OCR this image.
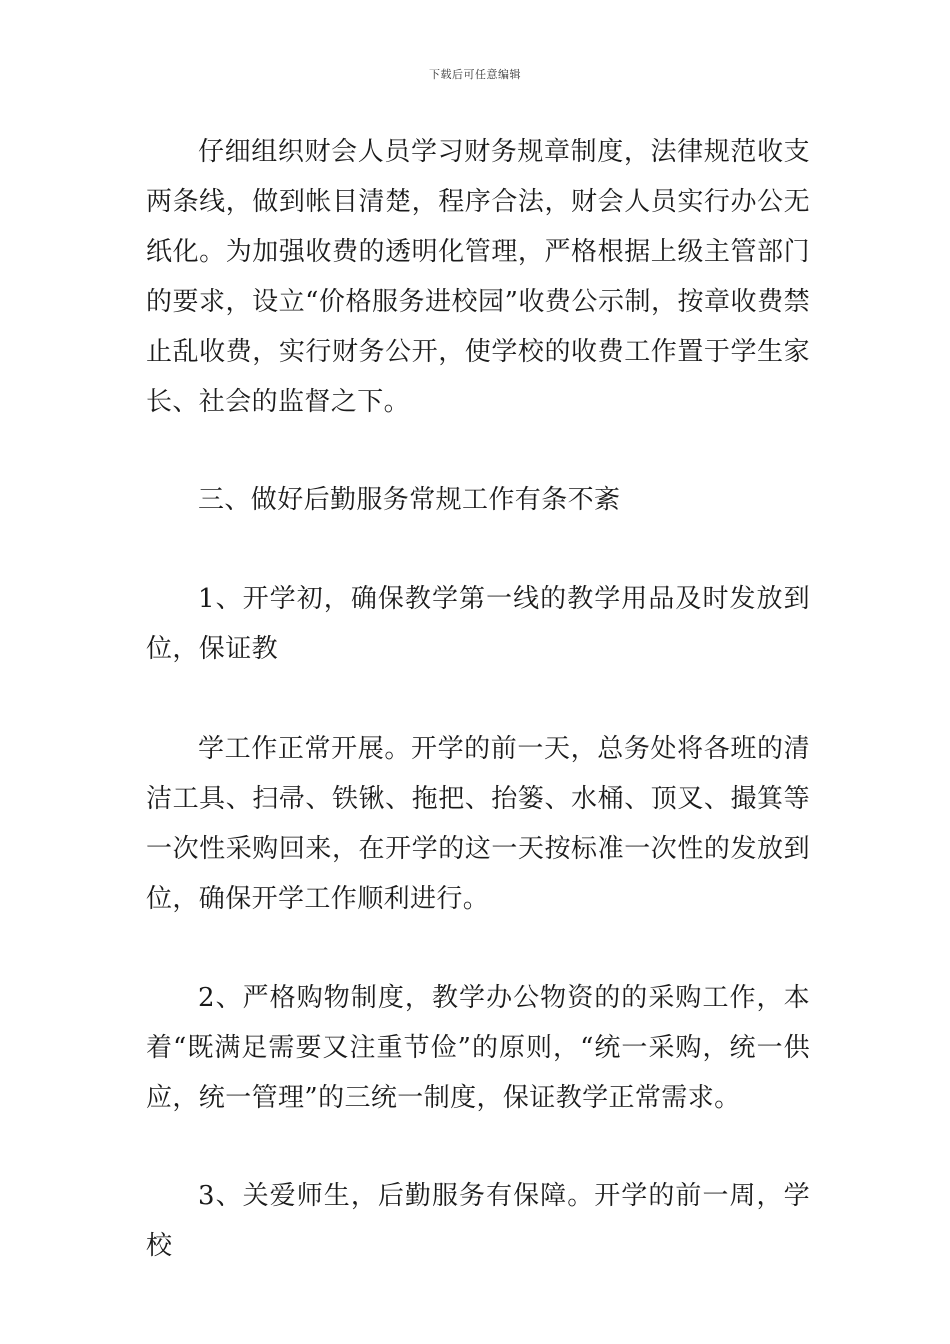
下载后可任意编辑

仔细组织财会人员学习财务规章制度，法律规范收支两条线，做到帐目清楚，程序合法，财会人员实行办公无纸化。为加强收费的透明化管理，严格根据上级主管部门的要求，设立“价格服务进校园”收费公示制，按章收费禁止乱收费，实行财务公开，使学校的收费工作置于学生家长、社会的监督之下。

三、做好后勤服务常规工作有条不紊

1、开学初，确保教学第一线的教学用品及时发放到位，保证教

学工作正常开展。开学的前一天，总务处将各班的清洁工具、扫帚、铁锹、拖把、抬篓、水桶、顶叉、撮箕等一次性采购回来，在开学的这一天按标准一次性的发放到位，确保开学工作顺利进行。

2、严格购物制度，教学办公物资的的采购工作，本着“既满足需要又注重节俭”的原则，“统一采购，统一供应，统一管理”的三统一制度，保证教学正常需求。

3、关爱师生，后勤服务有保障。开学的前一周，学校
